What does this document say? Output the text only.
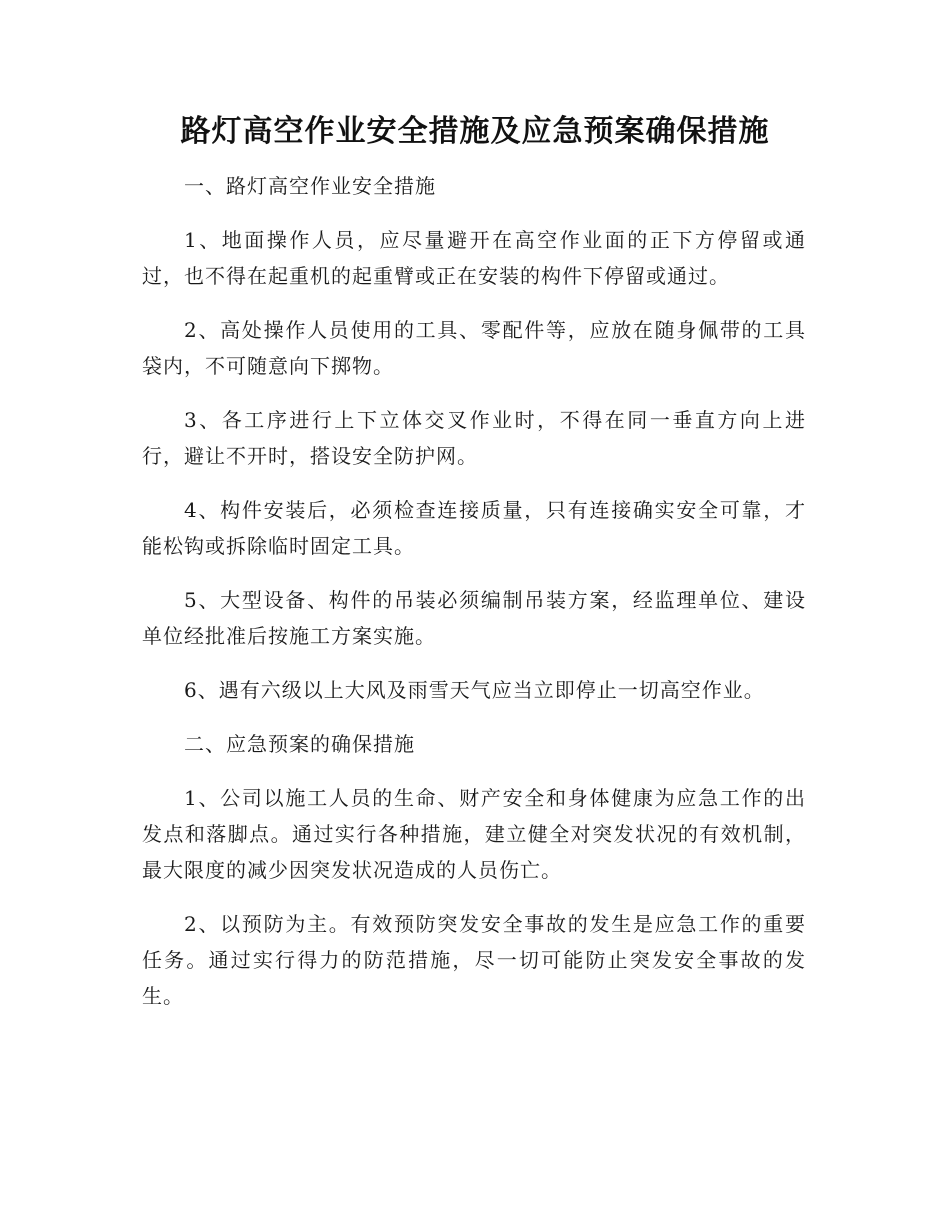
路灯高空作业安全措施及应急预案确保措施

一、路灯高空作业安全措施

1、地面操作人员，应尽量避开在高空作业面的正下方停留或通过，也不得在起重机的起重臂或正在安装的构件下停留或通过。

2、高处操作人员使用的工具、零配件等，应放在随身佩带的工具袋内，不可随意向下掷物。

3、各工序进行上下立体交叉作业时，不得在同一垂直方向上进行，避让不开时，搭设安全防护网。

4、构件安装后，必须检查连接质量，只有连接确实安全可靠，才能松钩或拆除临时固定工具。

5、大型设备、构件的吊装必须编制吊装方案，经监理单位、建设单位经批准后按施工方案实施。

6、遇有六级以上大风及雨雪天气应当立即停止一切高空作业。

二、应急预案的确保措施

1、公司以施工人员的生命、财产安全和身体健康为应急工作的出发点和落脚点。通过实行各种措施，建立健全对突发状况的有效机制，最大限度的减少因突发状况造成的人员伤亡。

2、以预防为主。有效预防突发安全事故的发生是应急工作的重要任务。通过实行得力的防范措施，尽一切可能防止突发安全事故的发生。
